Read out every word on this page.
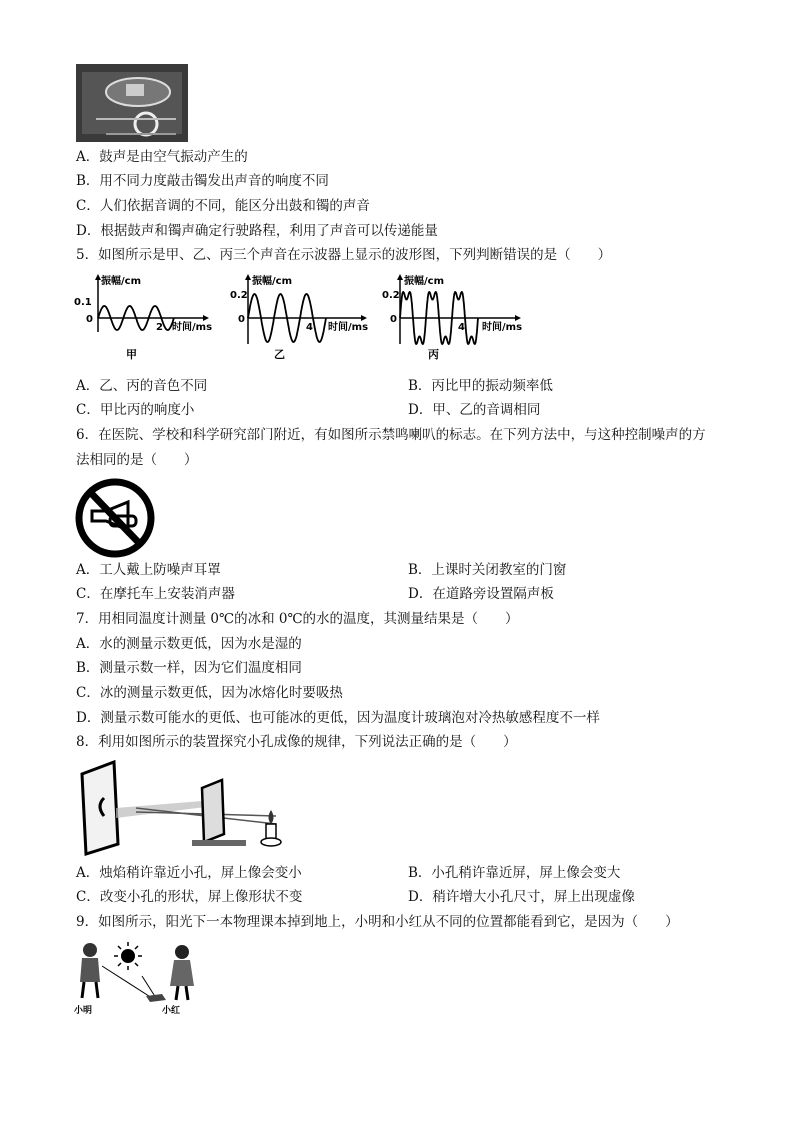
A．鼓声是由空气振动产生的
B．用不同力度敲击镯发出声音的响度不同
C．人们依据音调的不同，能区分出鼓和镯的声音
D．根据鼓声和镯声确定行驶路程，利用了声音可以传递能量
5．如图所示是甲、乙、丙三个声音在示波器上显示的波形图，下列判断错误的是（　　）
振幅/cm
0.1
0
2 时间/ms
甲
振幅/cm
0.2
0
4 时间/ms
乙
振幅/cm
0.2
0
4 时间/ms
丙
A．乙、丙的音色不同	B．丙比甲的振动频率低
C．甲比丙的响度小	D．甲、乙的音调相同
6．在医院、学校和科学研究部门附近，有如图所示禁鸣喇叭的标志。在下列方法中，与这种控制噪声的方
法相同的是（　　）
A．工人戴上防噪声耳罩	B．上课时关闭教室的门窗
C．在摩托车上安装消声器	D．在道路旁设置隔声板
7．用相同温度计测量 0℃的冰和 0℃的水的温度，其测量结果是（　　）
A．水的测量示数更低，因为水是湿的
B．测量示数一样，因为它们温度相同
C．冰的测量示数更低，因为冰熔化时要吸热
D．测量示数可能水的更低、也可能冰的更低，因为温度计玻璃泡对冷热敏感程度不一样
8．利用如图所示的装置探究小孔成像的规律，下列说法正确的是（　　）
A．烛焰稍许靠近小孔，屏上像会变小	B．小孔稍许靠近屏，屏上像会变大
C．改变小孔的形状，屏上像形状不变	D．稍许增大小孔尺寸，屏上出现虚像
9．如图所示，阳光下一本物理课本掉到地上，小明和小红从不同的位置都能看到它，是因为（　　）
小明	小红
